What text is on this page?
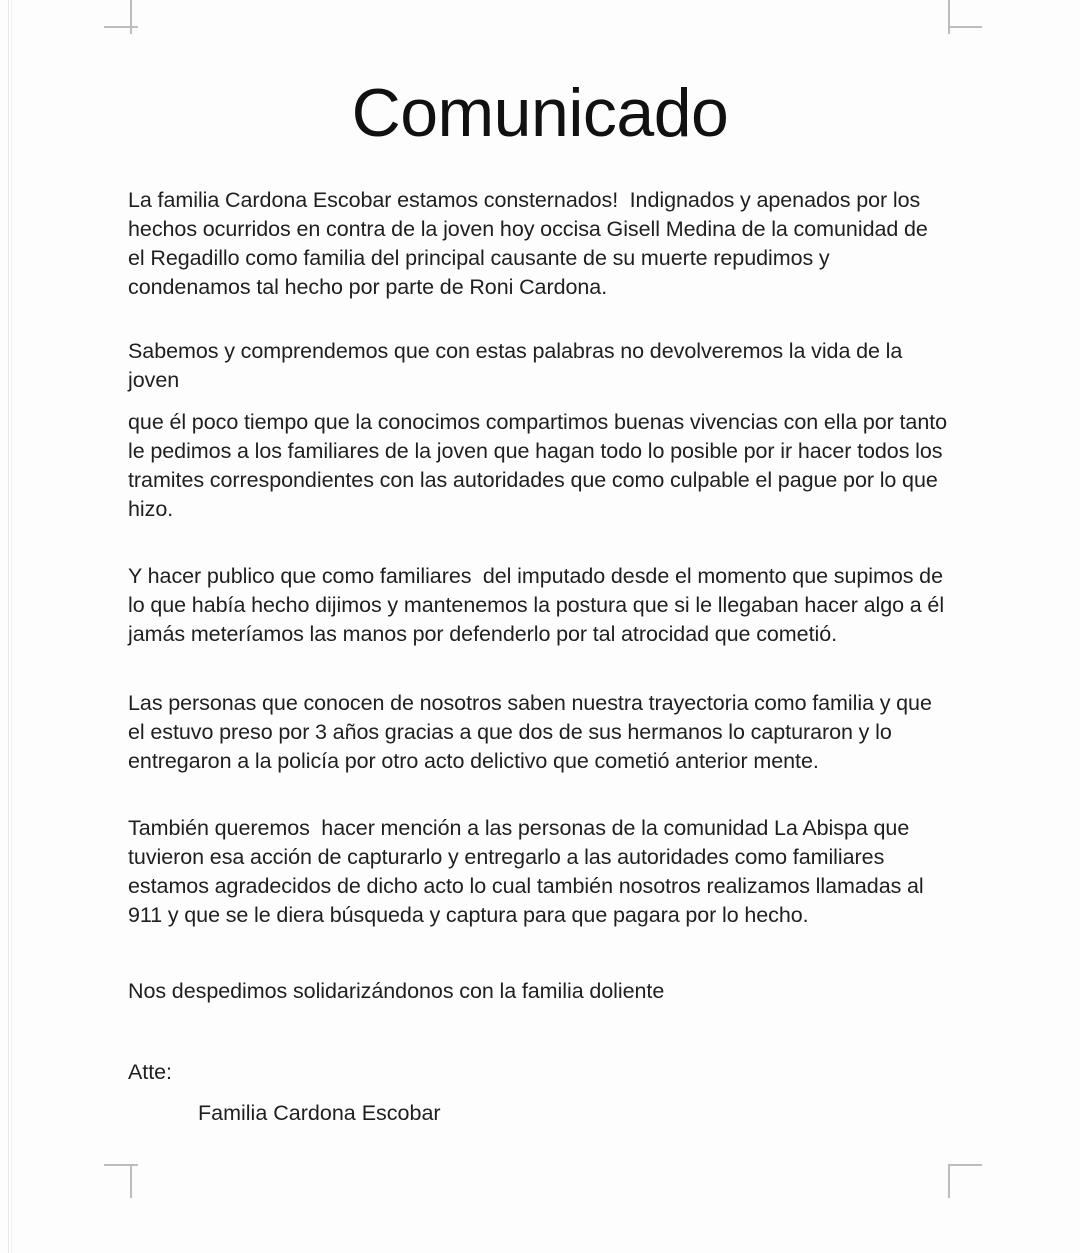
Comunicado

La familia Cardona Escobar estamos consternados!  Indignados y apenados por los hechos ocurridos en contra de la joven hoy occisa Gisell Medina de la comunidad de el Regadillo como familia del principal causante de su muerte repudimos y condenamos tal hecho por parte de Roni Cardona.

Sabemos y comprendemos que con estas palabras no devolveremos la vida de la joven

que él poco tiempo que la conocimos compartimos buenas vivencias con ella por tanto le pedimos a los familiares de la joven que hagan todo lo posible por ir hacer todos los tramites correspondientes con las autoridades que como culpable el pague por lo que hizo.

Y hacer publico que como familiares  del imputado desde el momento que supimos de lo que había hecho dijimos y mantenemos la postura que si le llegaban hacer algo a él jamás meteríamos las manos por defenderlo por tal atrocidad que cometió.

Las personas que conocen de nosotros saben nuestra trayectoria como familia y que el estuvo preso por 3 años gracias a que dos de sus hermanos lo capturaron y lo entregaron a la policía por otro acto delictivo que cometió anterior mente.

También queremos  hacer mención a las personas de la comunidad La Abispa que tuvieron esa acción de capturarlo y entregarlo a las autoridades como familiares estamos agradecidos de dicho acto lo cual también nosotros realizamos llamadas al 911 y que se le diera búsqueda y captura para que pagara por lo hecho.

Nos despedimos solidarizándonos con la familia doliente

Atte:

Familia Cardona Escobar
